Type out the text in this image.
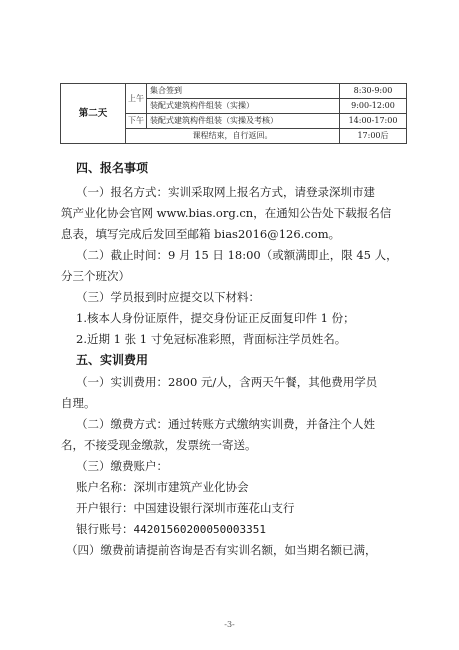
第二天	上午	集合签到	8:30-9:00
		装配式建筑构件组装（实操）	9:00-12:00
	下午	装配式建筑构件组装（实操及考核）	14:00-17:00
	课程结束，自行返回。		17:00后
四、报名事项
（一）报名方式：实训采取网上报名方式，请登录深圳市建
筑产业化协会官网 www.bias.org.cn，在通知公告处下载报名信
息表，填写完成后发回至邮箱 bias2016@126.com。
（二）截止时间：9 月 15 日 18:00（或额满即止，限 45 人，
分三个班次）
（三）学员报到时应提交以下材料：
1.核本人身份证原件，提交身份证正反面复印件 1 份；
2.近期 1 张 1 寸免冠标准彩照，背面标注学员姓名。
五、实训费用
（一）实训费用：2800 元/人，含两天午餐，其他费用学员
自理。
（二）缴费方式：通过转账方式缴纳实训费，并备注个人姓
名，不接受现金缴款，发票统一寄送。
（三）缴费账户：
账户名称：深圳市建筑产业化协会
开户银行：中国建设银行深圳市莲花山支行
银行账号：44201560200050003351
（四）缴费前请提前咨询是否有实训名额，如当期名额已满，
-3-
